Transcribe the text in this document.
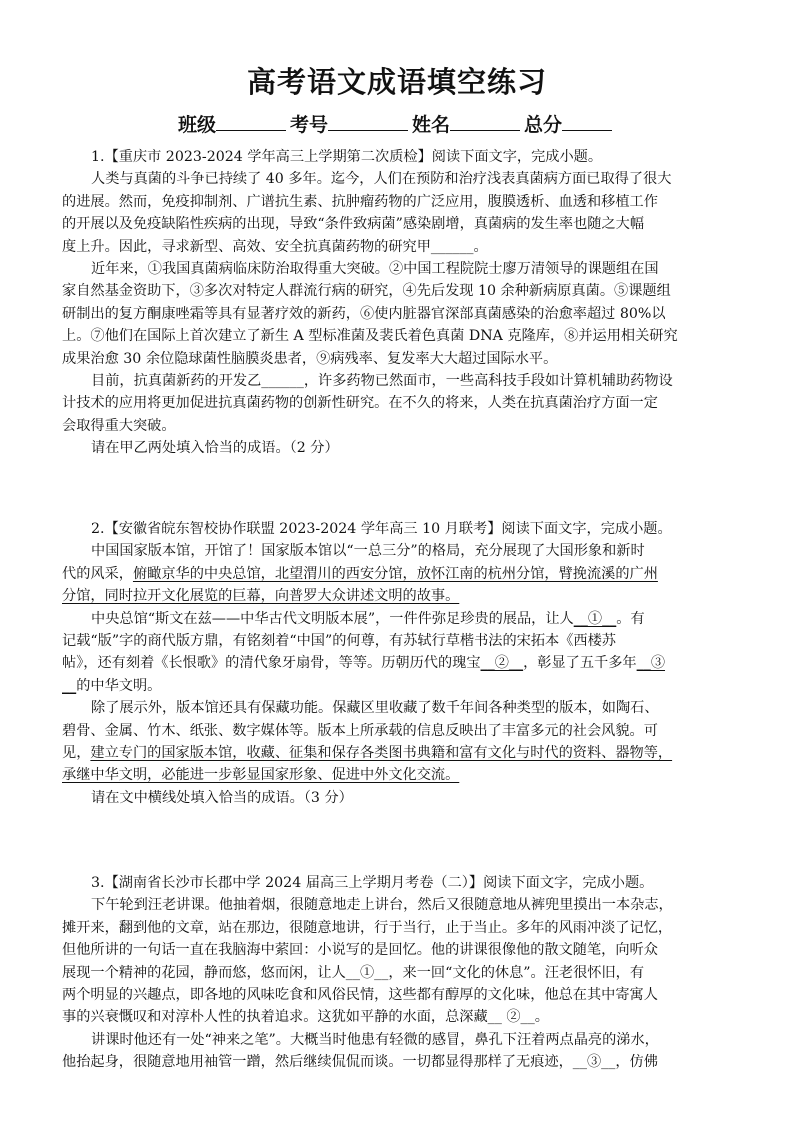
高考语文成语填空练习
班级	考号	姓名	总分
1.【重庆市 2023-2024 学年高三上学期第二次质检】阅读下面文字，完成小题。
人类与真菌的斗争已持续了 40 多年。迄今，人们在预防和治疗浅表真菌病方面已取得了很大
的进展。然而，免疫抑制剂、广谱抗生素、抗肿瘤药物的广泛应用，腹膜透析、血透和移植工作
的开展以及免疫缺陷性疾病的出现，导致“条件致病菌”感染剧增，真菌病的发生率也随之大幅
度上升。因此，寻求新型、高效、安全抗真菌药物的研究甲______。
近年来，①我国真菌病临床防治取得重大突破。②中国工程院院士廖万清领导的课题组在国
家自然基金资助下，③多次对特定人群流行病的研究，④先后发现 10 余种新病原真菌。⑤课题组
研制出的复方酮康唑霜等具有显著疗效的新药，⑥使内脏器官深部真菌感染的治愈率超过 80%以
上。⑦他们在国际上首次建立了新生 A 型标准菌及裴氏着色真菌 DNA 克隆库，⑧并运用相关研究
成果治愈 30 余位隐球菌性脑膜炎患者，⑨病残率、复发率大大超过国际水平。
目前，抗真菌新药的开发乙______，许多药物已然面市，一些高科技手段如计算机辅助药物设
计技术的应用将更加促进抗真菌药物的创新性研究。在不久的将来，人类在抗真菌治疗方面一定
会取得重大突破。
请在甲乙两处填入恰当的成语。（2 分）
2.【安徽省皖东智校协作联盟 2023-2024 学年高三 10 月联考】阅读下面文字，完成小题。
中国国家版本馆，开馆了！国家版本馆以“一总三分”的格局，充分展现了大国形象和新时
代的风采，俯瞰京华的中央总馆，北望渭川的西安分馆，放怀江南的杭州分馆，臂挽流溪的广州
分馆，同时拉开文化展览的巨幕，向普罗大众讲述文明的故事。
中央总馆“斯文在兹——中华古代文明版本展”，一件件弥足珍贵的展品，让人__①__。有
记载“版”字的商代版方鼎，有铭刻着“中国”的何尊，有苏轼行草楷书法的宋拓本《西楼苏
帖》，还有刻着《长恨歌》的清代象牙扇骨，等等。历朝历代的瑰宝__②__，彰显了五千多年__③
__的中华文明。
除了展示外，版本馆还具有保藏功能。保藏区里收藏了数千年间各种类型的版本，如陶石、
碧骨、金属、竹木、纸张、数字媒体等。版本上所承载的信息反映出了丰富多元的社会风貌。可
见，建立专门的国家版本馆，收藏、征集和保存各类图书典籍和富有文化与时代的资料、器物等，
承继中华文明，必能进一步彰显国家形象、促进中外文化交流。
请在文中横线处填入恰当的成语。（3 分）
3.【湖南省长沙市长郡中学 2024 届高三上学期月考卷（二）】阅读下面文字，完成小题。
下午轮到汪老讲课。他抽着烟，很随意地走上讲台，然后又很随意地从裤兜里摸出一本杂志，
摊开来，翻到他的文章，站在那边，很随意地讲，行于当行，止于当止。多年的风雨冲淡了记忆，
但他所讲的一句话一直在我脑海中萦回：小说写的是回忆。他的讲课很像他的散文随笔，向听众
展现一个精神的花园，静而悠，悠而闲，让人__①__，来一回“文化的休息”。汪老很怀旧，有
两个明显的兴趣点，即各地的风味吃食和风俗民情，这些都有醇厚的文化味，他总在其中寄寓人
事的兴衰慨叹和对淳朴人性的执着追求。这犹如平静的水面，总深藏__ ②__。
讲课时他还有一处“神来之笔”。大概当时他患有轻微的感冒，鼻孔下汪着两点晶亮的涕水，
他抬起身，很随意地用袖管一蹭，然后继续侃侃而谈。一切都显得那样了无痕迹，__③__，仿佛
